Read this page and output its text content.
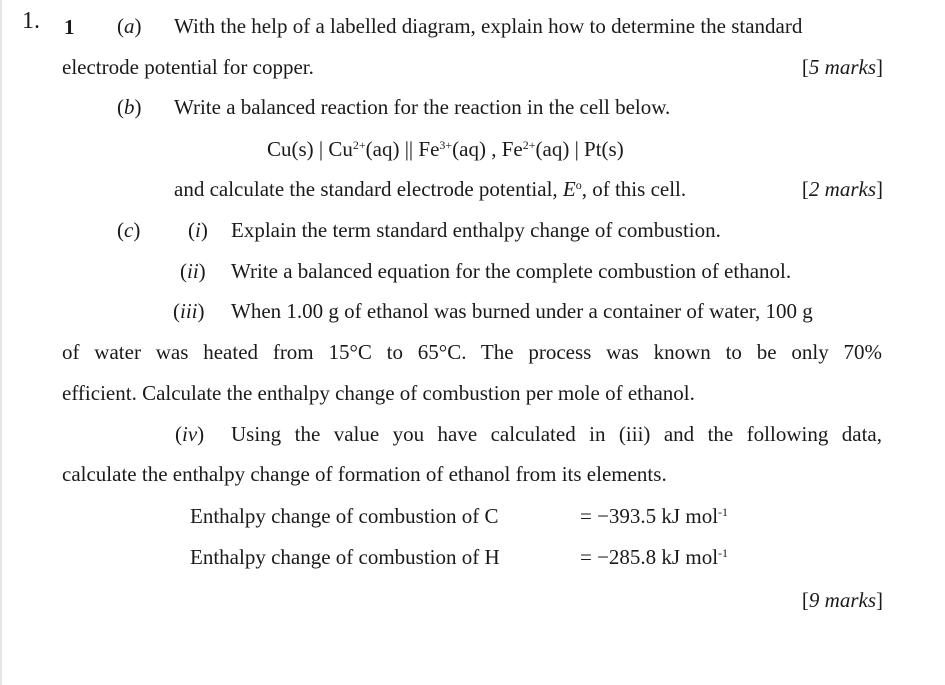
1. 1 (a) With the help of a labelled diagram, explain how to determine the standard
electrode potential for copper.	[5 marks]
(b) Write a balanced reaction for the reaction in the cell below.
Cu(s) | $Cu^{2+}(aq)$ || $Fe^{3+}(aq)$ , $Fe^{2+}(aq)$ | Pt(s)
and calculate the standard electrode potential, $E^o$, of this cell.	[2 marks]
(c) (i) Explain the term standard enthalpy change of combustion.
(ii) Write a balanced equation for the complete combustion of ethanol.
(iii) When 1.00 g of ethanol was burned under a container of water, 100 g
of water was heated from 15°C to 65°C. The process was known to be only 70%
efficient. Calculate the enthalpy change of combustion per mole of ethanol.
(iv) Using the value you have calculated in (iii) and the following data,
calculate the enthalpy change of formation of ethanol from its elements.
Enthalpy change of combustion of C	= −393.5 kJ mol$^{-1}$
Enthalpy change of combustion of H	= −285.8 kJ mol$^{-1}$
[9 marks]
